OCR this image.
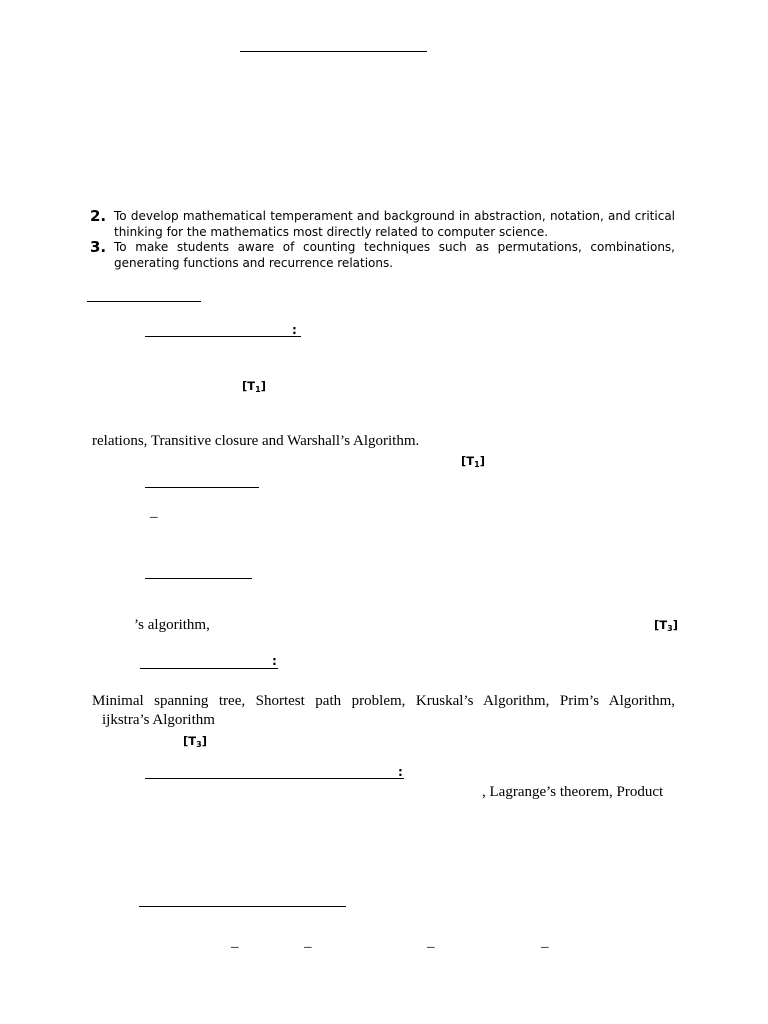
2. To develop mathematical temperament and background in abstraction, notation, and critical thinking for the mathematics most directly related to computer science.
3. To make students aware of counting techniques such as permutations, combinations, generating functions and recurrence relations.
:
$[T_1]$
relations, Transitive closure and Warshall’s Algorithm.
$[T_1]$
–
’s algorithm,	$[T_3]$
:
Minimal spanning tree, Shortest path problem, Kruskal’s Algorithm, Prim’s Algorithm,
ijkstra’s Algorithm
$[T_3]$
:
, Lagrange’s theorem, Product
–	–	–	–
